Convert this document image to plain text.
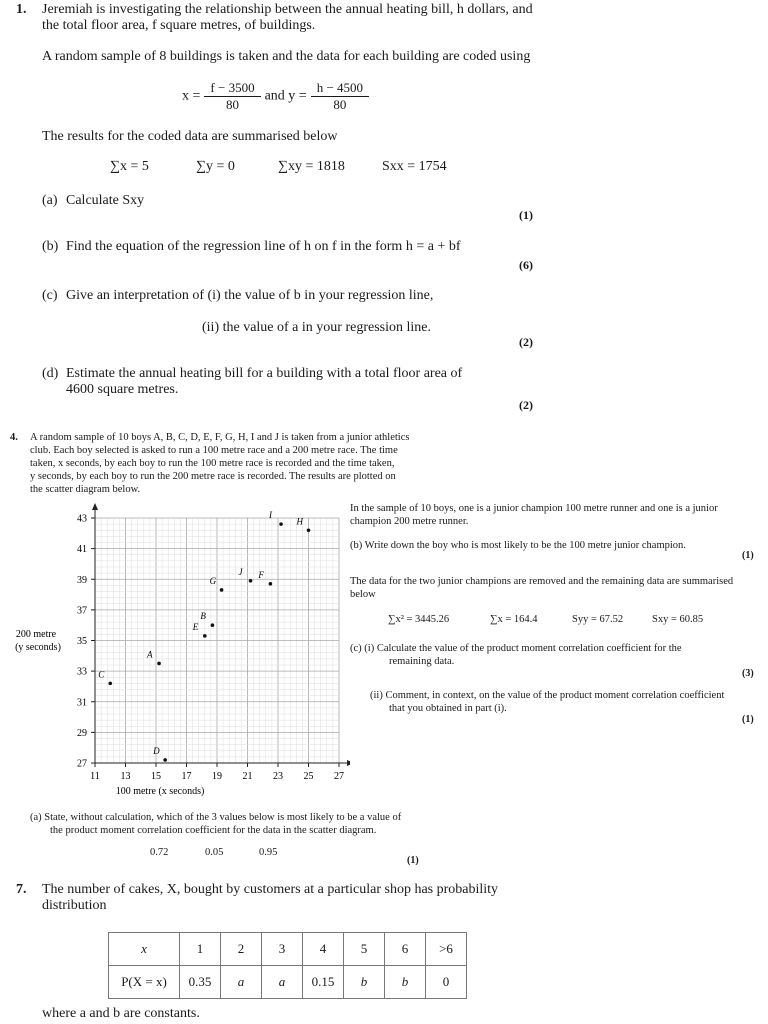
1. Jeremiah is investigating the relationship between the annual heating bill, h dollars, and
the total floor area, f square metres, of buildings.
A random sample of 8 buildings is taken and the data for each building are coded using
$x = \frac{f - 3500}{80}$ and $y = \frac{h - 4500}{80}$
The results for the coded data are summarised below
∑x = 5	∑y = 0	∑xy = 1818	Sxx = 1754
(a) Calculate Sxy
(1)
(b) Find the equation of the regression line of h on f in the form h = a + bf
(6)
(c) Give an interpretation of (i) the value of b in your regression line,
(ii) the value of a in your regression line.
(2)
(d) Estimate the annual heating bill for a building with a total floor area of
4600 square metres.
(2)
4. A random sample of 10 boys A, B, C, D, E, F, G, H, I and J is taken from a junior athletics
club. Each boy selected is asked to run a 100 metre race and a 200 metre race. The time
taken, x seconds, by each boy to run the 100 metre race is recorded and the time taken,
y seconds, by each boy to run the 200 metre race is recorded. The results are plotted on
the scatter diagram below.
11 13 15 17 19 21 23 25 27
27
29
31
33
35
37
39
41
43
A
B
C
D
E
F
G
H
I
J
100 metre (x seconds)
200 metre
(y seconds)
In the sample of 10 boys, one is a junior champion 100 metre runner and one is a junior
champion 200 metre runner.
(b) Write down the boy who is most likely to be the 100 metre junior champion.
(1)
The data for the two junior champions are removed and the remaining data are summarised
below
∑x² = 3445.26	∑x = 164.4	Syy = 67.52	Sxy = 60.85
(c) (i) Calculate the value of the product moment correlation coefficient for the
remaining data.
(3)
(ii) Comment, in context, on the value of the product moment correlation coefficient
that you obtained in part (i).
(1)
(a) State, without calculation, which of the 3 values below is most likely to be a value of
the product moment correlation coefficient for the data in the scatter diagram.
0.72	0.05	0.95
(1)
7. The number of cakes, X, bought by customers at a particular shop has probability
distribution
x	1	2	3	4	5	6	>6
P(X = x)	0.35	a	a	0.15	b	b	0
where a and b are constants.
